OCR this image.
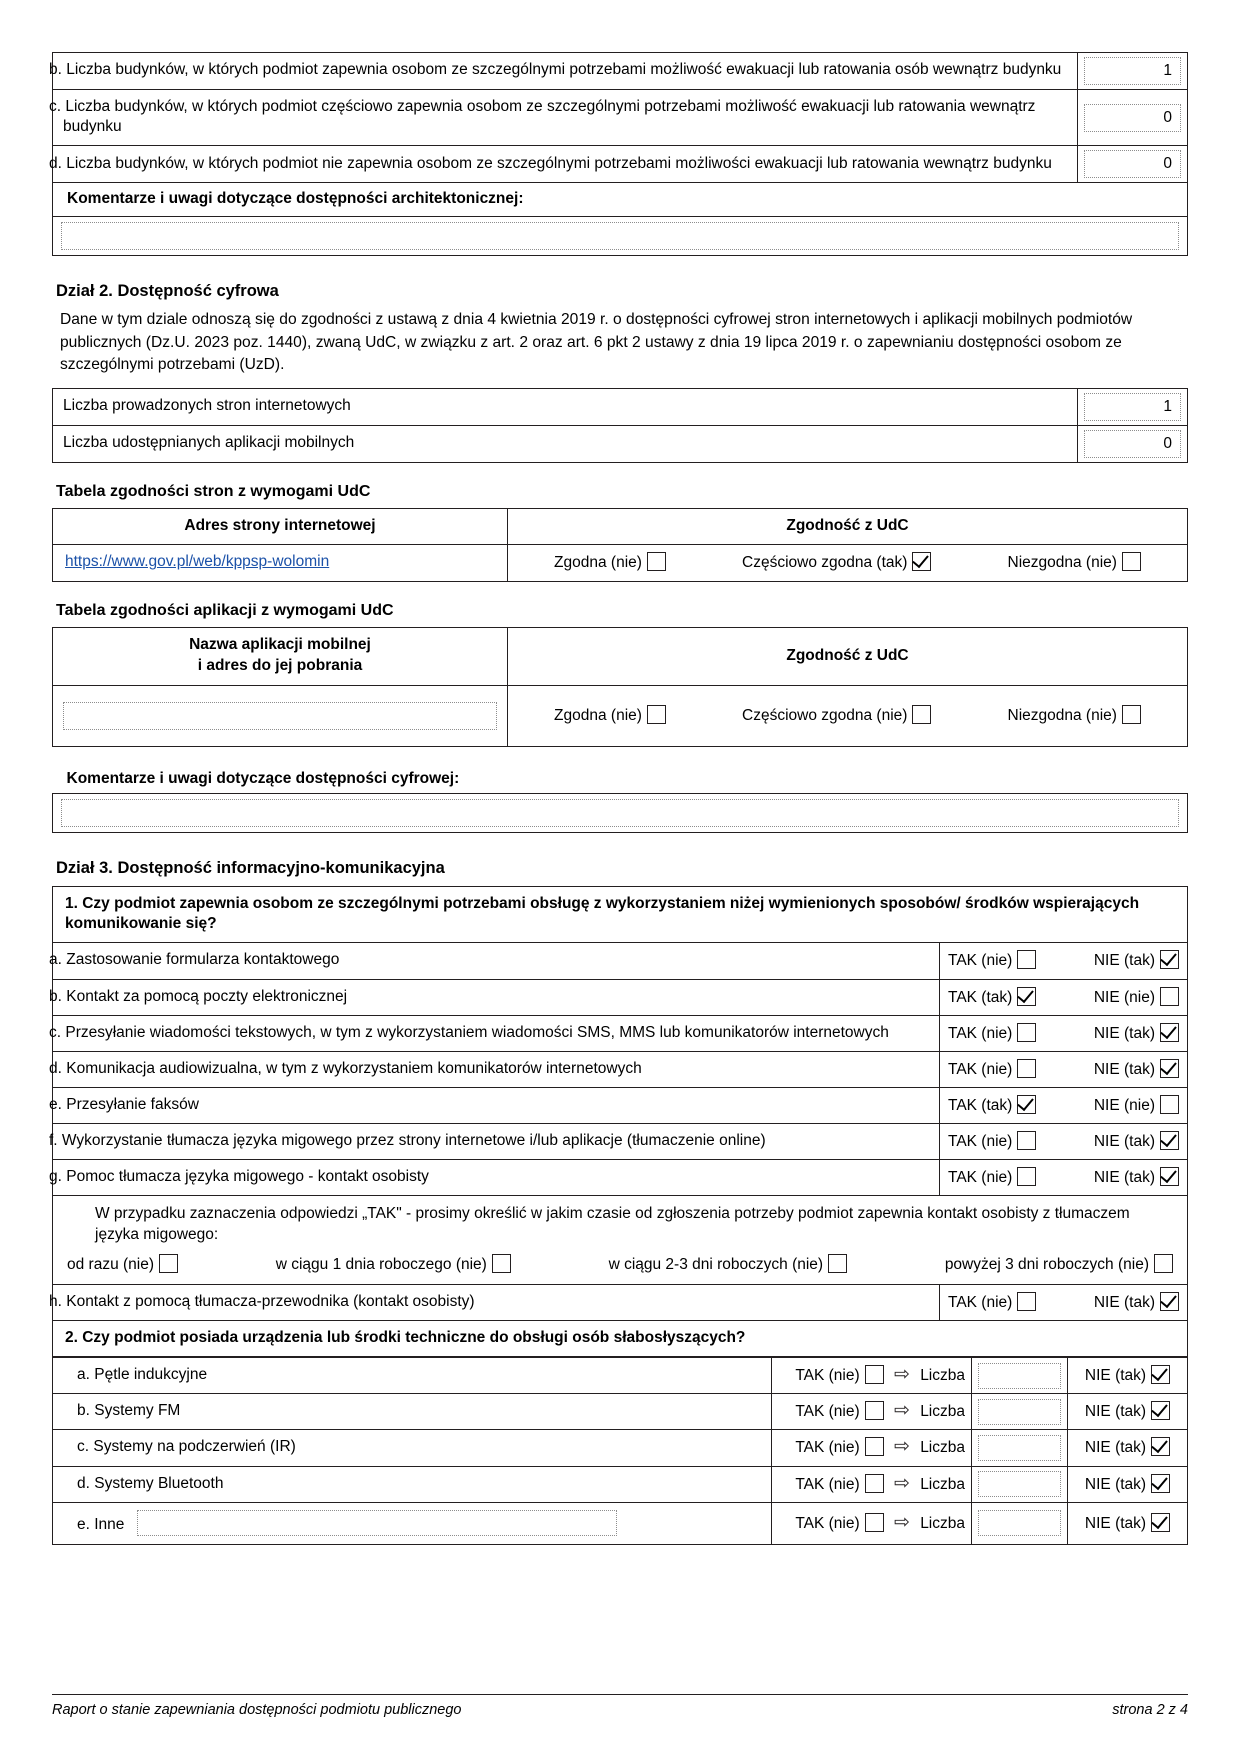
b. Liczba budynków, w których podmiot zapewnia osobom ze szczególnymi potrzebami możliwość ewakuacji lub ratowania osób wewnątrz budynku	1

c. Liczba budynków, w których podmiot częściowo zapewnia osobom ze szczególnymi potrzebami możliwość ewakuacji lub ratowania wewnątrz budynku	0

d. Liczba budynków, w których podmiot nie zapewnia osobom ze szczególnymi potrzebami możliwości ewakuacji lub ratowania wewnątrz budynku	0

Komentarze i uwagi dotyczące dostępności architektonicznej:	

Dział 2. Dostępność cyfrowa
Dane w tym dziale odnoszą się do zgodności z ustawą z dnia 4 kwietnia 2019 r. o dostępności cyfrowej stron internetowych i aplikacji mobilnych podmiotów publicznych (Dz.U. 2023 poz. 1440), zwaną UdC, w związku z art. 2 oraz art. 6 pkt 2 ustawy z dnia 19 lipca 2019 r. o zapewnianiu dostępności osobom ze szczególnymi potrzebami (UzD).
Liczba prowadzonych stron internetowych	1

Liczba udostępnianych aplikacji mobilnych	0
Tabela zgodności stron z wymogami UdC
Adres strony internetowej	Zgodność z UdC
https://www.gov.pl/web/kppsp-wolomin	Zgodna (nie) Częściowo zgodna (tak) Niezgodna (nie)
Tabela zgodności aplikacji z wymogami UdC
Nazwa aplikacji mobilnej
i adres do jej pobrania	Zgodność z UdC

	Zgodna (nie) Częściowo zgodna (nie) Niezgodna (nie)
Komentarze i uwagi dotyczące dostępności cyfrowej:

Dział 3. Dostępność informacyjno-komunikacyjna
1. Czy podmiot zapewnia osobom ze szczególnymi potrzebami obsługę z wykorzystaniem niżej wymienionych sposobów/ środków wspierających komunikowanie się?	
a. Zastosowanie formularza kontaktowego	TAK (nie) NIE (tak)

b. Kontakt za pomocą poczty elektronicznej	TAK (tak) NIE (nie)

c. Przesyłanie wiadomości tekstowych, w tym z wykorzystaniem wiadomości SMS, MMS lub komunikatorów internetowych	TAK (nie) NIE (tak)

d. Komunikacja audiowizualna, w tym z wykorzystaniem komunikatorów internetowych	TAK (nie) NIE (tak)

e. Przesyłanie faksów	TAK (tak) NIE (nie)

f. Wykorzystanie tłumacza języka migowego przez strony internetowe i/lub aplikacje (tłumaczenie online)	TAK (nie) NIE (tak)

g. Pomoc tłumacza języka migowego - kontakt osobisty	TAK (nie) NIE (tak)

W przypadku zaznaczenia odpowiedzi „TAK" - prosimy określić w jakim czasie od zgłoszenia potrzeby podmiot zapewnia kontakt osobisty z tłumaczem języka migowego:
od razu (nie) w ciągu 1 dnia roboczego (nie) w ciągu 2-3 dni roboczych (nie) powyżej 3 dni roboczych (nie)	

h. Kontakt z pomocą tłumacza-przewodnika (kontakt osobisty)	TAK (nie) NIE (tak)

2. Czy podmiot posiada urządzenia lub środki techniczne do obsługi osób słabosłyszących?	
a. Pętle indukcyjne	TAK (nie) ⇨ Liczba		NIE (tak)
b. Systemy FM	TAK (nie) ⇨ Liczba		NIE (tak)
c. Systemy na podczerwień (IR)	TAK (nie) ⇨ Liczba		NIE (tak)
d. Systemy Bluetooth	TAK (nie) ⇨ Liczba		NIE (tak)
e. Inne	TAK (nie) ⇨ Liczba		NIE (tak)
Raport o stanie zapewniania dostępności podmiotu publicznego	strona 2 z 4
